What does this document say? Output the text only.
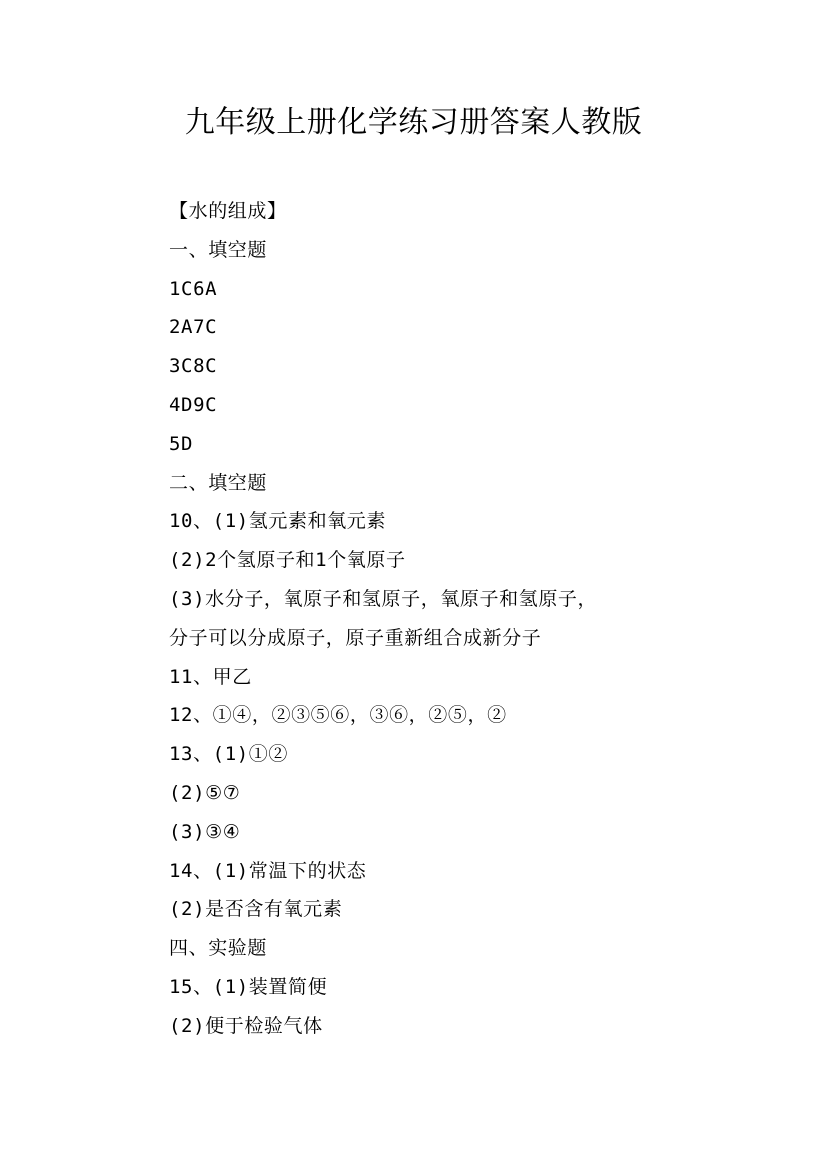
九年级上册化学练习册答案人教版
【水的组成】
一、填空题
1C6A
2A7C
3C8C
4D9C
5D
二、填空题
10、(1)氢元素和氧元素
(2)2个氢原子和1个氧原子
(3)水分子，氧原子和氢原子，氧原子和氢原子，
分子可以分成原子，原子重新组合成新分子
11、甲乙
12、①④，②③⑤⑥，③⑥，②⑤，②
13、(1)①②
(2)⑤⑦
(3)③④
14、(1)常温下的状态
(2)是否含有氧元素
四、实验题
15、(1)装置简便
(2)便于检验气体
